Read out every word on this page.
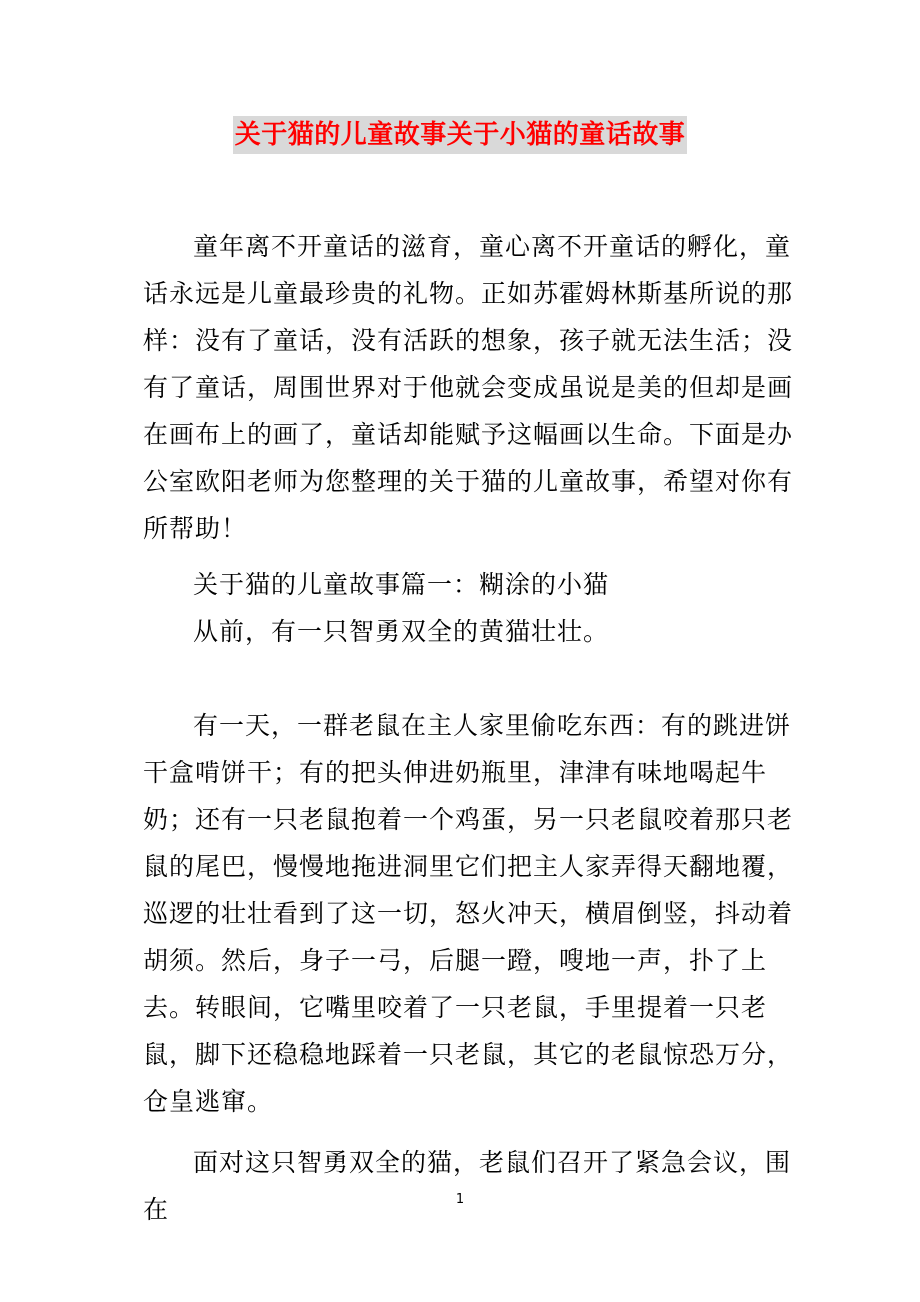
关于猫的儿童故事关于小猫的童话故事

童年离不开童话的滋育，童心离不开童话的孵化，童话永远是儿童最珍贵的礼物。正如苏霍姆林斯基所说的那样：没有了童话，没有活跃的想象，孩子就无法生活；没有了童话，周围世界对于他就会变成虽说是美的但却是画在画布上的画了，童话却能赋予这幅画以生命。下面是办公室欧阳老师为您整理的关于猫的儿童故事，希望对你有所帮助！

关于猫的儿童故事篇一：糊涂的小猫

从前，有一只智勇双全的黄猫壮壮。

有一天，一群老鼠在主人家里偷吃东西：有的跳进饼干盒啃饼干；有的把头伸进奶瓶里，津津有味地喝起牛奶；还有一只老鼠抱着一个鸡蛋，另一只老鼠咬着那只老鼠的尾巴，慢慢地拖进洞里它们把主人家弄得天翻地覆，巡逻的壮壮看到了这一切，怒火冲天，横眉倒竖，抖动着胡须。然后，身子一弓，后腿一蹬，嗖地一声，扑了上去。转眼间，它嘴里咬着了一只老鼠，手里提着一只老鼠，脚下还稳稳地踩着一只老鼠，其它的老鼠惊恐万分，仓皇逃窜。

面对这只智勇双全的猫，老鼠们召开了紧急会议，围在	1
